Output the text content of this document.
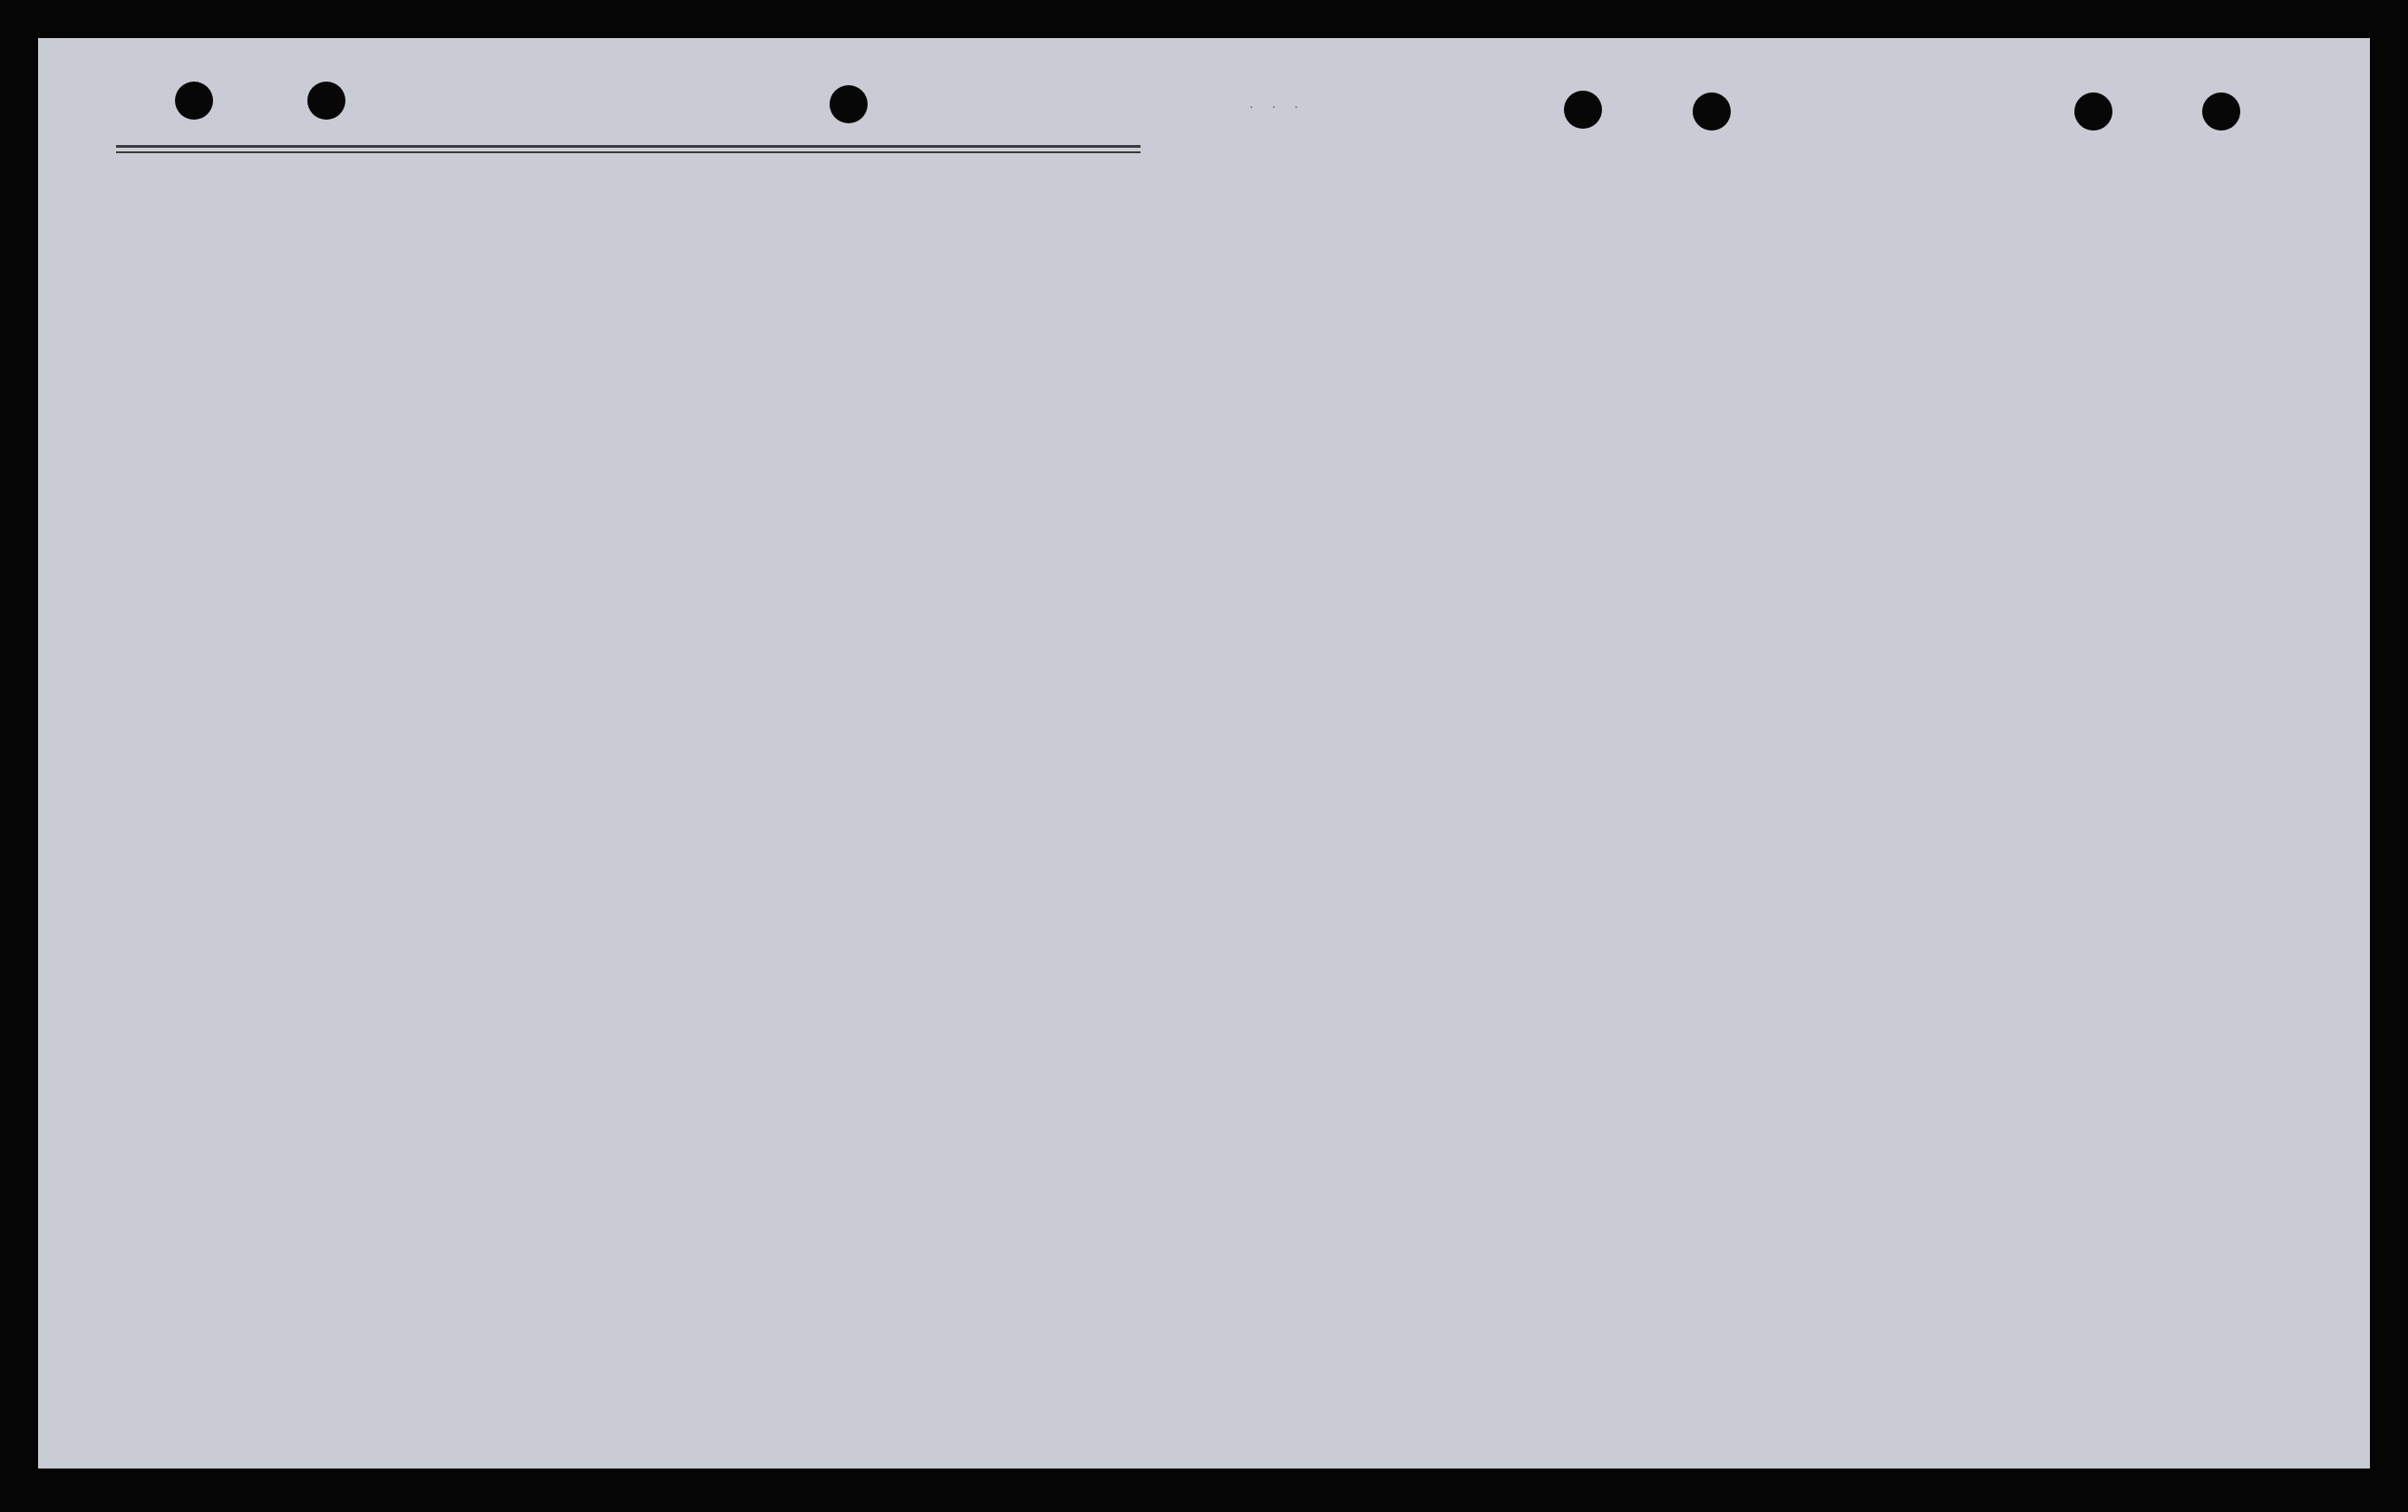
···
